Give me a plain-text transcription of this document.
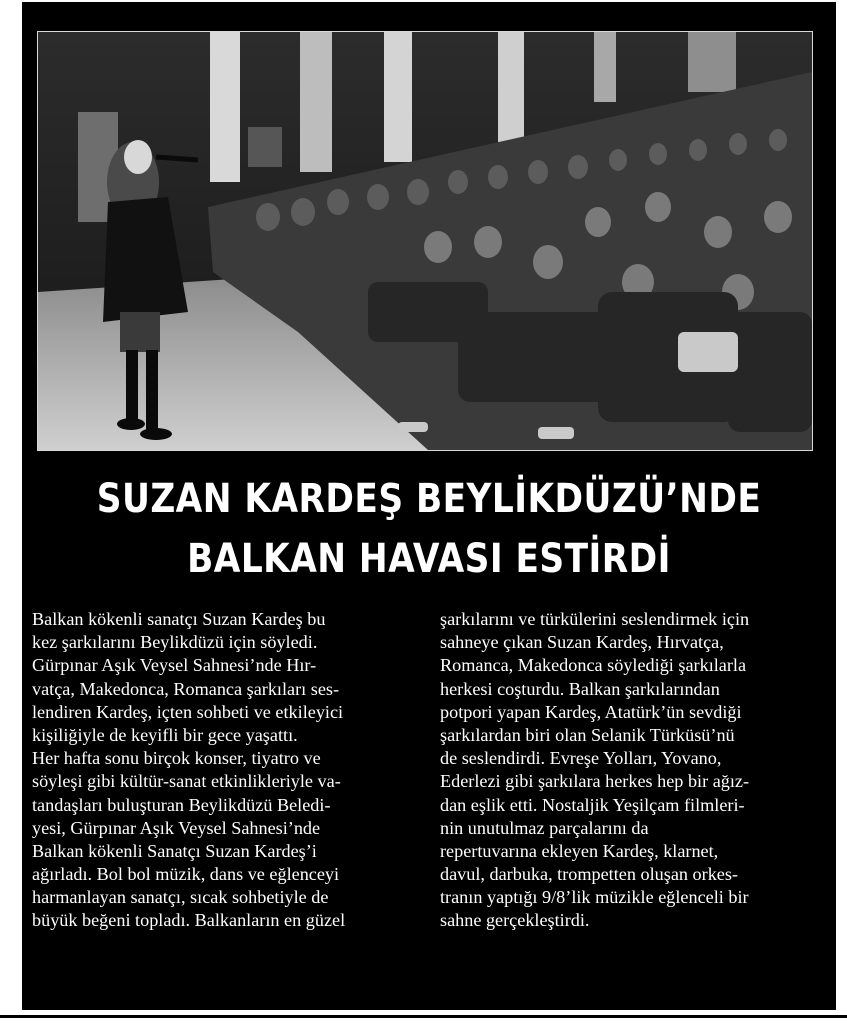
SUZAN KARDEŞ BEYLİKDÜZÜ’NDE
BALKAN HAVASI ESTİRDİ
Balkan kökenli sanatçı Suzan Kardeş bu
kez şarkılarını Beylikdüzü için söyledi.
Gürpınar Aşık Veysel Sahnesi’nde Hır-
vatça, Makedonca, Romanca şarkıları ses-
lendiren Kardeş, içten sohbeti ve etkileyici
kişiliğiyle de keyifli bir gece yaşattı.
Her hafta sonu birçok konser, tiyatro ve
söyleşi gibi kültür-sanat etkinlikleriyle va-
tandaşları buluşturan Beylikdüzü Beledi-
yesi, Gürpınar Aşık Veysel Sahnesi’nde
Balkan kökenli Sanatçı Suzan Kardeş’i
ağırladı. Bol bol müzik, dans ve eğlenceyi
harmanlayan sanatçı, sıcak sohbetiyle de
büyük beğeni topladı. Balkanların en güzel
şarkılarını ve türkülerini seslendirmek için
sahneye çıkan Suzan Kardeş, Hırvatça,
Romanca, Makedonca söylediği şarkılarla
herkesi coşturdu. Balkan şarkılarından
potpori yapan Kardeş, Atatürk’ün sevdiği
şarkılardan biri olan Selanik Türküsü’nü
de seslendirdi. Evreşe Yolları, Yovano,
Ederlezi gibi şarkılara herkes hep bir ağız-
dan eşlik etti. Nostaljik Yeşilçam filmleri-
nin unutulmaz parçalarını da
repertuvarına ekleyen Kardeş, klarnet,
davul, darbuka, trompetten oluşan orkes-
tranın yaptığı 9/8’lik müzikle eğlenceli bir
sahne gerçekleştirdi.
